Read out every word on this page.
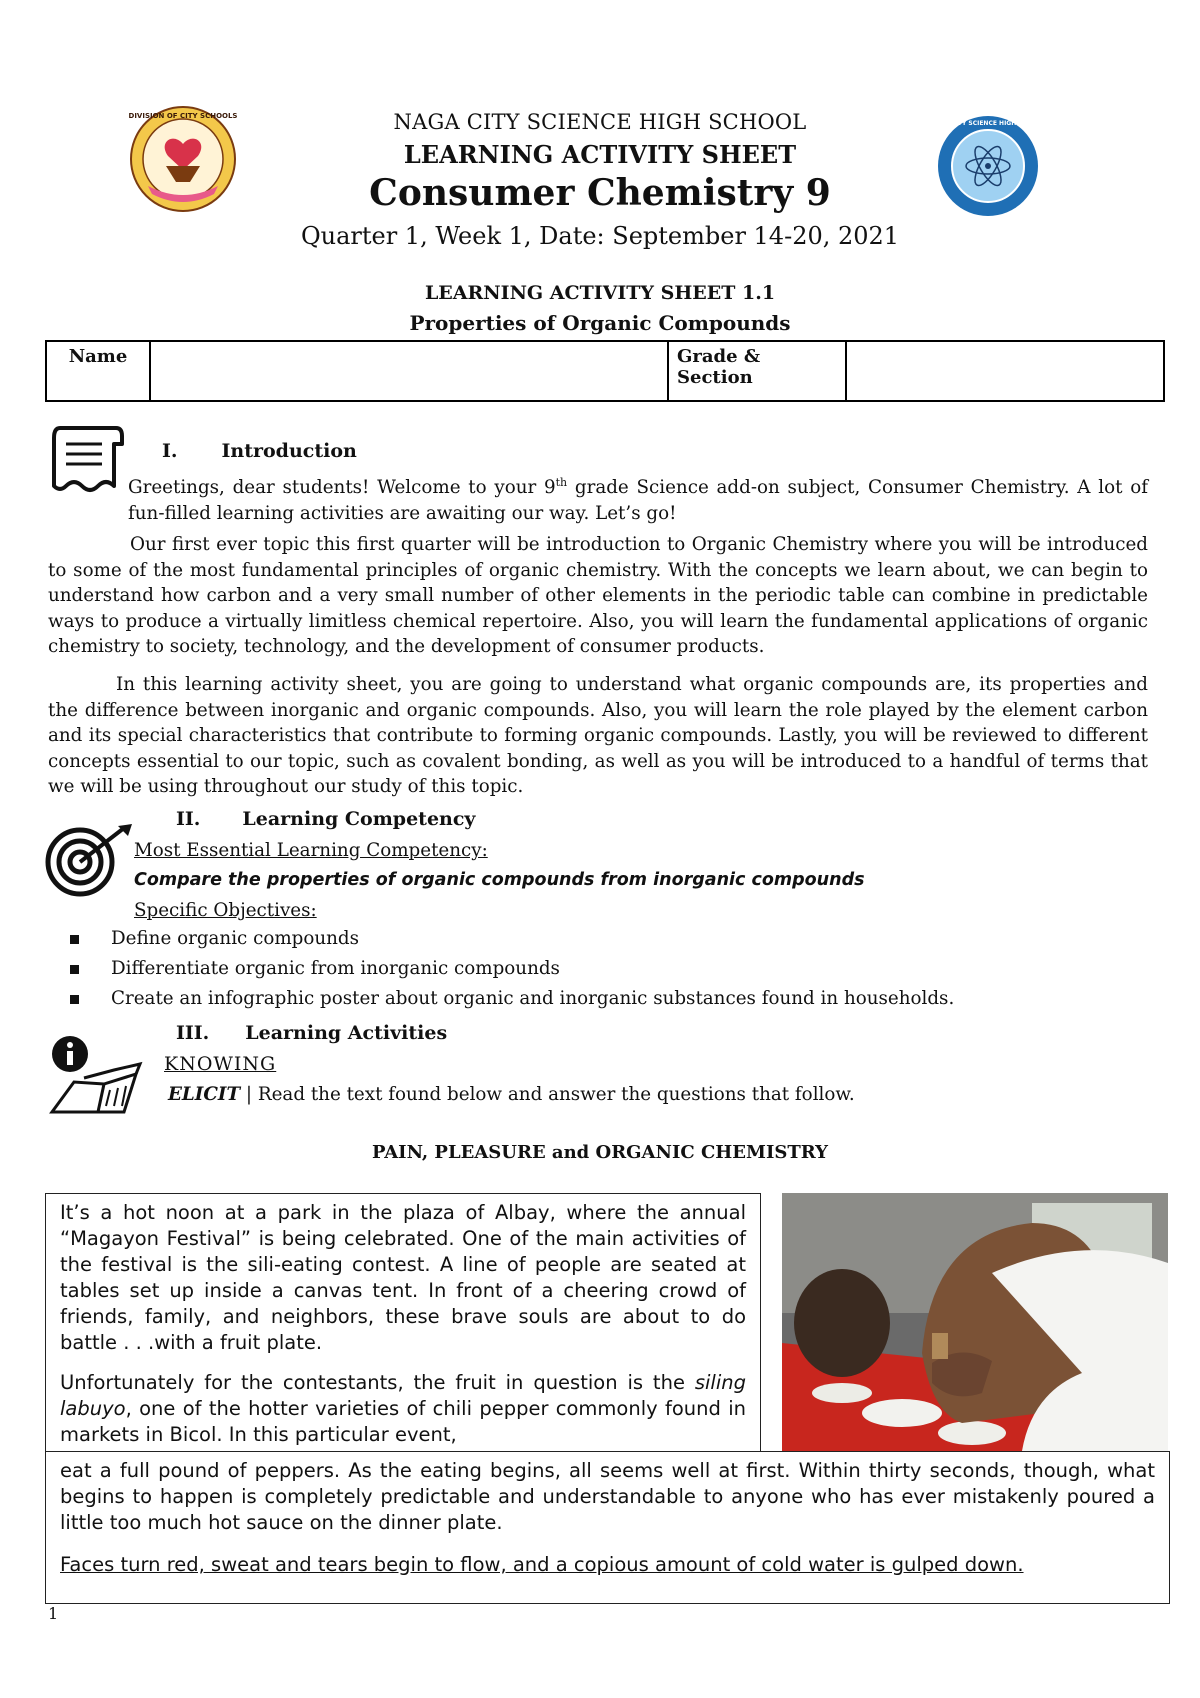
DIVISION OF CITY SCHOOLS
NAGA CITY SCIENCE HIGH SCHOOL
NAGA CITY SCIENCE HIGH SCHOOL
LEARNING ACTIVITY SHEET
Consumer Chemistry 9
Quarter 1, Week 1, Date: September 14-20, 2021
LEARNING ACTIVITY SHEET 1.1
Properties of Organic Compounds
Name		Grade &
Section	
I. Introduction
Greetings, dear students! Welcome to your 9th grade Science add-on subject, Consumer Chemistry. A lot of fun-filled learning activities are awaiting our way. Let’s go!
Our first ever topic this first quarter will be introduction to Organic Chemistry where you will be introduced to some of the most fundamental principles of organic chemistry. With the concepts we learn about, we can begin to understand how carbon and a very small number of other elements in the periodic table can combine in predictable ways to produce a virtually limitless chemical repertoire. Also, you will learn the fundamental applications of organic chemistry to society, technology, and the development of consumer products.
In this learning activity sheet, you are going to understand what organic compounds are, its properties and the difference between inorganic and organic compounds. Also, you will learn the role played by the element carbon and its special characteristics that contribute to forming organic compounds. Lastly, you will be reviewed to different concepts essential to our topic, such as covalent bonding, as well as you will be introduced to a handful of terms that we will be using throughout our study of this topic.
II. Learning Competency
Most Essential Learning Competency:
Compare the properties of organic compounds from inorganic compounds
Specific Objectives:
Define organic compounds
Differentiate organic from inorganic compounds
Create an infographic poster about organic and inorganic substances found in households.
III. Learning Activities
KNOWING
ELICIT | Read the text found below and answer the questions that follow.
PAIN, PLEASURE and ORGANIC CHEMISTRY
It’s a hot noon at a park in the plaza of Albay, where the annual “Magayon Festival” is being celebrated. One of the main activities of the festival is the sili-eating contest. A line of people are seated at tables set up inside a canvas tent. In front of a cheering crowd of friends, family, and neighbors, these brave souls are about to do battle . . .with a fruit plate.
Unfortunately for the contestants, the fruit in question is the siling labuyo, one of the hotter varieties of chili pepper commonly found in markets in Bicol. In this particular event,
eat a full pound of peppers. As the eating begins, all seems well at first. Within thirty seconds, though, what begins to happen is completely predictable and understandable to anyone who has ever mistakenly poured a little too much hot sauce on the dinner plate.
Faces turn red, sweat and tears begin to flow, and a copious amount of cold water is gulped down.
1
